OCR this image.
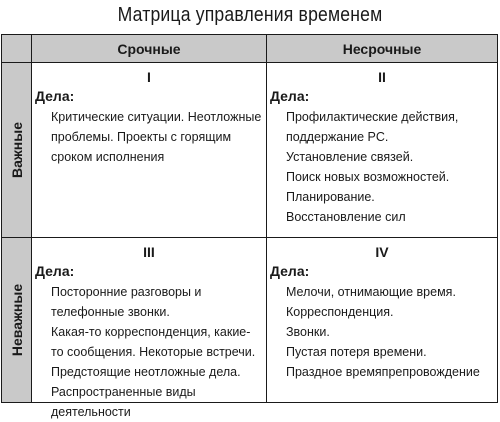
Матрица управления временем
Срочные	Несрочные
Важные
Неважные
I
Дела:
Критические ситуации. Неотложные проблемы. Проекты с горящим сроком исполнения
II
Дела:
Профилактические действия, поддержание PC.
Установление связей.
Поиск новых возможностей.
Планирование.
Восстановление сил
III
Дела:
Посторонние разговоры и телефонные звонки.
Какая-то корреспонденция, какие-то сообщения. Некоторые встречи.
Предстоящие неотложные дела.
Распространенные виды деятельности
IV
Дела:
Мелочи, отнимающие время.
Корреспонденция.
Звонки.
Пустая потеря времени.
Праздное времяпрепровождение
